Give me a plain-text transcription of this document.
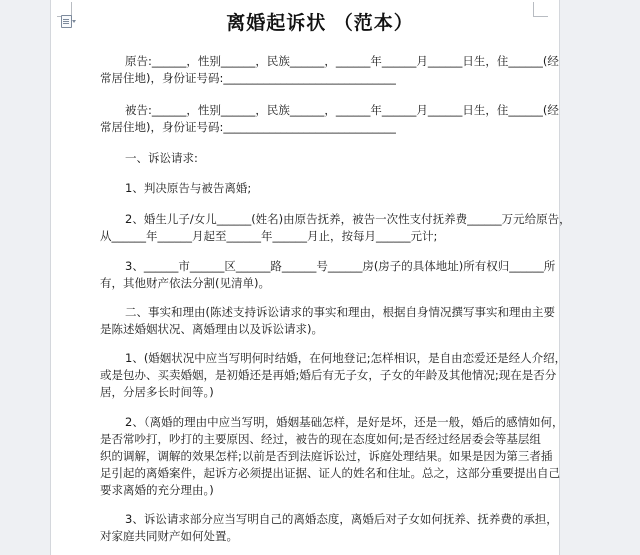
离婚起诉状 （范本）

原告:______，性别______，民族______，______年______月______日生，住______(经

常居住地)，身份证号码:______________________________

被告:______，性别______，民族______，______年______月______日生，住______(经

常居住地)，身份证号码:______________________________

一、诉讼请求:

1、判决原告与被告离婚;

2、婚生儿子/女儿______(姓名)由原告抚养，被告一次性支付抚养费______万元给原告，

从______年______月起至______年______月止，按每月______元计;

3、______市______区______路______号______房(房子的具体地址)所有权归______所

有，其他财产依法分割(见清单)。

二、事实和理由(陈述支持诉讼请求的事实和理由，根据自身情况撰写事实和理由主要

是陈述婚姻状况、离婚理由以及诉讼请求)。

1、(婚姻状况中应当写明何时结婚，在何地登记;怎样相识，是自由恋爱还是经人介绍，

或是包办、买卖婚姻，是初婚还是再婚;婚后有无子女，子女的年龄及其他情况;现在是否分

居，分居多长时间等。)

2、（离婚的理由中应当写明，婚姻基础怎样，是好是坏，还是一般，婚后的感情如何，

是否常吵打，吵打的主要原因、经过，被告的现在态度如何;是否经过经居委会等基层组

织的调解，调解的效果怎样;以前是否到法庭诉讼过，诉庭处理结果。如果是因为第三者插

足引起的离婚案件，起诉方必须提出证据、证人的姓名和住址。总之，这部分重要提出自己

要求离婚的充分理由。)

3、诉讼请求部分应当写明自己的离婚态度，离婚后对子女如何抚养、抚养费的承担，

对家庭共同财产如何处置。
